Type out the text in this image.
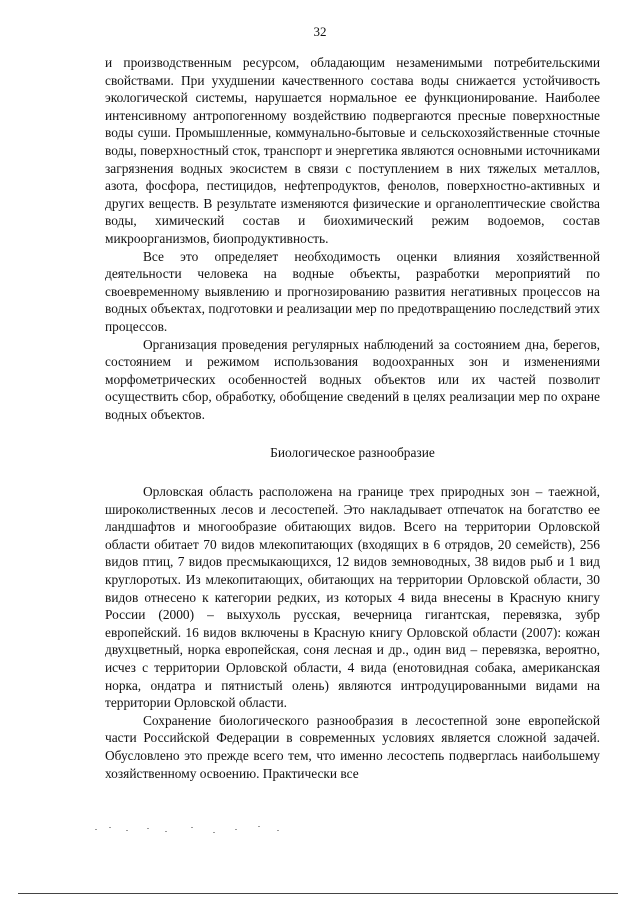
32

и производственным ресурсом, обладающим незаменимыми потребительскими свойствами. При ухудшении качественного состава воды снижается устойчивость экологической системы, нарушается нормальное ее функционирование. Наиболее интенсивному антропогенному воздействию подвергаются пресные поверхностные воды суши. Промышленные, коммунально-бытовые и сельскохозяйственные сточные воды, поверхностный сток, транспорт и энергетика являются основными источниками загрязнения водных экосистем в связи с поступлением в них тяжелых металлов, азота, фосфора, пестицидов, нефтепродуктов, фенолов, поверхностно-активных и других веществ. В результате изменяются физические и органолептические свойства воды, химический состав и биохимический режим водоемов, состав микроорганизмов, биопродуктивность.

Все это определяет необходимость оценки влияния хозяйственной деятельности человека на водные объекты, разработки мероприятий по своевременному выявлению и прогнозированию развития негативных процессов на водных объектах, подготовки и реализации мер по предотвращению последствий этих процессов.

Организация проведения регулярных наблюдений за состоянием дна, берегов, состоянием и режимом использования водоохранных зон и изменениями морфометрических особенностей водных объектов или их частей позволит осуществить сбор, обработку, обобщение сведений в целях реализации мер по охране водных объектов.

Биологическое разнообразие

Орловская область расположена на границе трех природных зон – таежной, широколиственных лесов и лесостепей. Это накладывает отпечаток на богатство ее ландшафтов и многообразие обитающих видов. Всего на территории Орловской области обитает 70 видов млекопитающих (входящих в 6 отрядов, 20 семейств), 256 видов птиц, 7 видов пресмыкающихся, 12 видов земноводных, 38 видов рыб и 1 вид круглоротых. Из млекопитающих, обитающих на территории Орловской области, 30 видов отнесено к категории редких, из которых 4 вида внесены в Красную книгу России (2000) – выхухоль русская, вечерница гигантская, перевязка, зубр европейский. 16 видов включены в Красную книгу Орловской области (2007): кожан двухцветный, норка европейская, соня лесная и др., один вид – перевязка, вероятно, исчез с территории Орловской области, 4 вида (енотовидная собака, американская норка, ондатра и пятнистый олень) являются интродуцированными видами на территории Орловской области.

Сохранение биологического разнообразия в лесостепной зоне европейской части Российской Федерации в современных условиях является сложной задачей. Обусловлено это прежде всего тем, что именно лесостепь подверглась наибольшему хозяйственному освоению. Практически все
